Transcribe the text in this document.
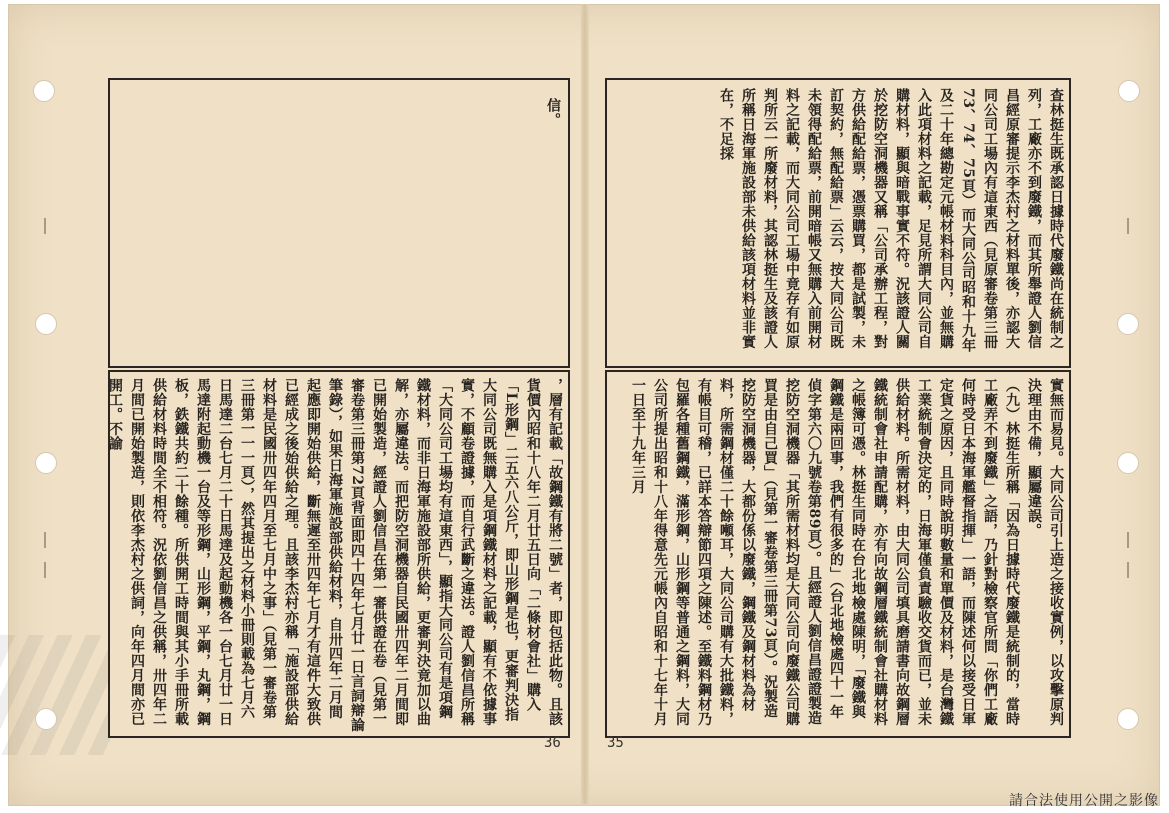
信。
，層有記載「故鋼鐵有將二號」者，即包括此物。且該貨價內昭和十八年二月廿五日向「二條材會社」購入「L形鋼」二五六八公斤，即山形鋼是也，更審判決指大同公司既無購入是項鋼鐵材料之記載，顯有不依據事實，不顧卷證據，而自行武斷之違法。證人劉信昌所稱「大同公司工場均有這東西」，顯指大同公司有是項鋼鐵材料，而非日海軍施設部所供給，更審判決竟加以曲解，亦屬違法。而把防空洞機器自民國卅四年二月間即已開始製造，經證人劉信昌在第一審供證在卷（見第一審卷第三冊第72頁背面即四十四年七月廿一日言詞辯論筆錄），如果日海軍施設部供給材料，自卅四年二月間起應即開始供給，斷無遲至卅四年七月才有這件大致供已經成之後始供給之理。且該李杰村亦稱「施設部供給材料是民國卅四年四月至七月中之事」（見第一審卷第三冊第一一一頁），然其提出之材料小冊則載為七月六日馬達二台七月二十日馬達及起動機各一台七月廿一日馬達附起動機一台及等形鋼，山形鋼，平鋼，丸鋼，鋼板，鉄鐵共約二十餘種。所供開工時間與其小手冊所載供給材料時間全不相符。況依劉信昌之供稱，卅四年二月間已開始製造，則依李杰村之供詞，向年四月間亦已開工。不諭
36
查林挺生既承認日據時代廢鐵尚在統制之列，工廠亦不到廢鐵，而其所舉證人劉信昌經原審提示李杰村之材料單後，亦認大同公司工場內有這東西（見原審卷第三冊73、74、75頁）而大同公司昭和十九年及二十年總勘定元帳材料科目內，並無購入此項材料之記載，足見所謂大同公司自購材料，顯與暗戰事實不符。況該證人關於挖防空洞機器又稱「公司承辦工程，對方供給配給票，憑票購買，都是試製，未訂契約，無配給票」云云，按大同公司既未領得配給票，前開暗帳又無購入前開材料之記載，而大同公司工場中竟存有如原判所云一所廢材料，其認林挺生及該證人所稱日海軍施設部未供給該項材料並非實在，不足採
實無而易見。大同公司引上造之接收實例，以攻擊原判決理由不備，顯屬違誤。
（九）林挺生所稱「因為日據時代廢鐵是統制的，當時工廠弄不到廢鐵」之語，乃針對檢察官所問「你們工廠何時受日本海軍艦督指揮」一語，而陳述何以接受日軍定貨之原因，且同時說明數量和單價及材料，是台灣鐵工業統制會決定的，日海軍僅負責驗收交貨而已，並未供給材料。所需材料，由大同公司填具磨請書向故鋼層鐵統制會社申請配購，亦有向故鋼層鐵統制會社購材料之帳簿可憑。林挺生同時在台北地檢處陳明，「廢鐵與鋼鐵是兩回事，我們有很多的」（台北地檢處四十一年偵字第六〇九號卷第89頁）。且經證人劉信昌證證製造挖防空洞機器「其所需材料均是大同公司向廢鐵公司購買是由自己買」（見第一審卷第三冊第73頁）。況製造挖防空洞機器，大都份係以廢鐵，鋼鐵及鋼材料為材料，所需鋼材僅二十餘噸耳，大同公司購有大批鐵料，有帳目可稽，已詳本答辯節四項之陳述。至鐵料鋼材乃包羅各種舊鋼鐵，滿形鋼，山形鋼等普通之鋼料，大同公司所提出昭和十八年得意先元帳內自昭和十七年十月一日至十九年三月
35
請合法使用公開之影像
